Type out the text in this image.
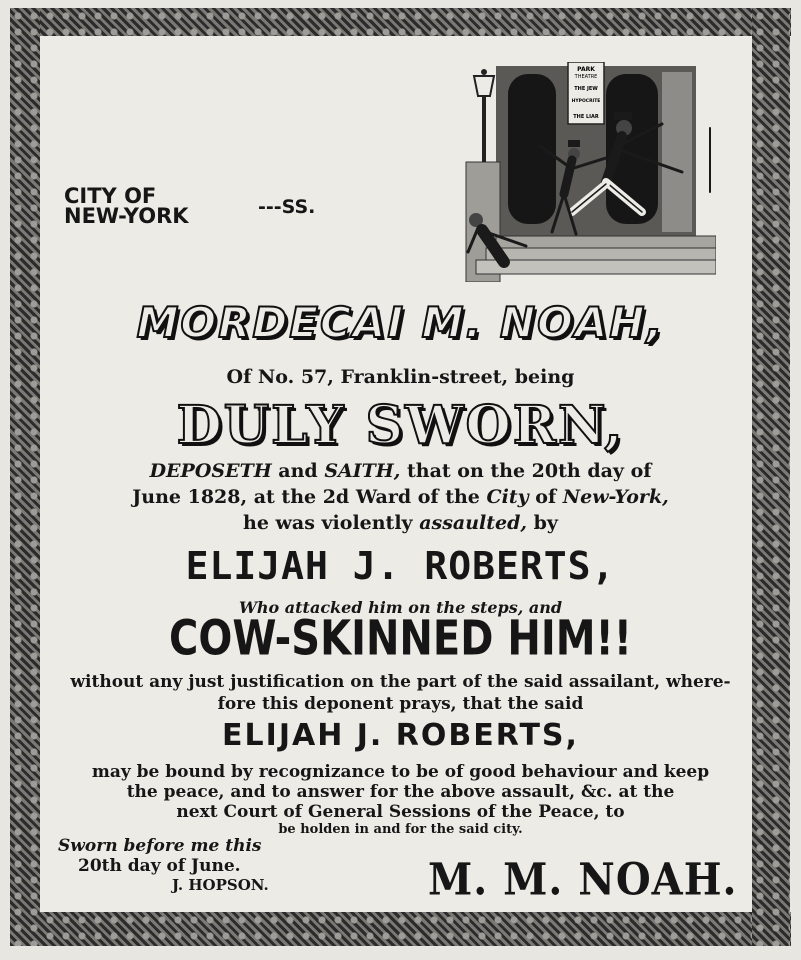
PARK
THEATRE
THE JEW
HYPOCRITE
THE LIAR
CITY OF
NEW-YORK	---SS.
MORDECAI M. NOAH,
Of No. 57, Franklin-street, being
DULY SWORN,
DEPOSETH and SAITH, that on the 20th day of
June 1828, at the 2d Ward of the City of New-York,
he was violently assaulted, by
ELIJAH J. ROBERTS,
Who attacked him on the steps, and
COW-SKINNED HIM!!
without any just justification on the part of the said assailant, where-
fore this deponent prays, that the said
ELIJAH J. ROBERTS,
may be bound by recognizance to be of good behaviour and keep
the peace, and to answer for the above assault, &c. at the
next Court of General Sessions of the Peace, to
be holden in and for the said city.
Sworn before me this
20th day of June.
J. HOPSON.	M. M. NOAH.
